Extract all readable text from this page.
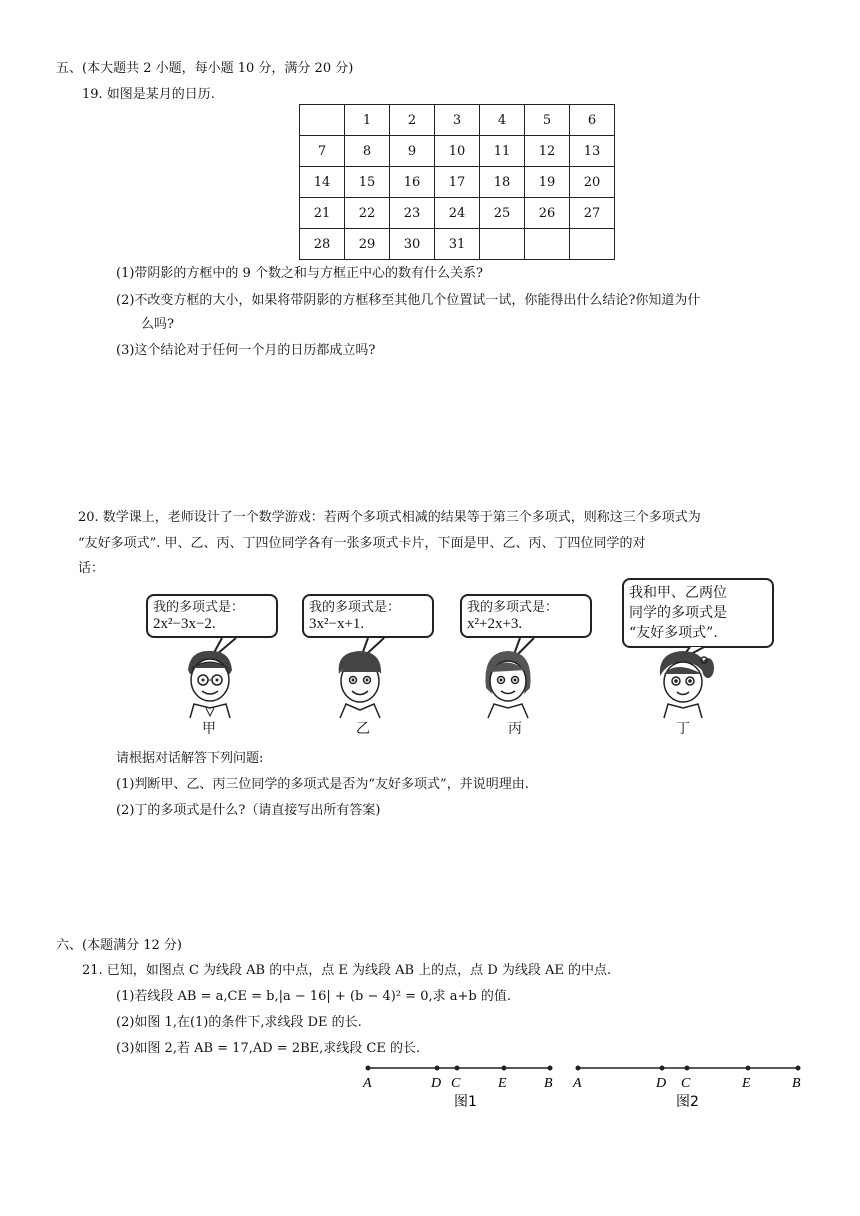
五、(本大题共 2 小题，每小题 10 分，满分 20 分)
19. 如图是某月的日历.
	1	2	3	4	5	6
7	8	9	10	11	12	13
14	15	16	17	18	19	20
21	22	23	24	25	26	27
28	29	30	31			
(1)带阴影的方框中的 9 个数之和与方框正中心的数有什么关系?
(2)不改变方框的大小，如果将带阴影的方框移至其他几个位置试一试，你能得出什么结论?你知道为什
么吗?
(3)这个结论对于任何一个月的日历都成立吗?
20. 数学课上，老师设计了一个数学游戏：若两个多项式相减的结果等于第三个多项式，则称这三个多项式为
“友好多项式”. 甲、乙、丙、丁四位同学各有一张多项式卡片，下面是甲、乙、丙、丁四位同学的对
话：
我的多项式是：
2x²−3x−2.
我的多项式是：
3x²−x+1.
我的多项式是：
x²+2x+3.
我和甲、乙两位
同学的多项式是
“友好多项式”.
甲	乙	丙	丁
请根据对话解答下列问题:
(1)判断甲、乙、丙三位同学的多项式是否为“友好多项式”，并说明理由.
(2)丁的多项式是什么?（请直接写出所有答案)
六、(本题满分 12 分)
21. 已知，如图点 C 为线段 AB 的中点，点 E 为线段 AB 上的点，点 D 为线段 AE 的中点.
(1)若线段 AB = a,CE = b,|a − 16| + (b − 4)² = 0,求 a+b 的值.
(2)如图 1,在(1)的条件下,求线段 DE 的长.
(3)如图 2,若 AB = 17,AD = 2BE,求线段 CE 的长.
A	D C	E	B
图1
A	D C	E	B
图2
